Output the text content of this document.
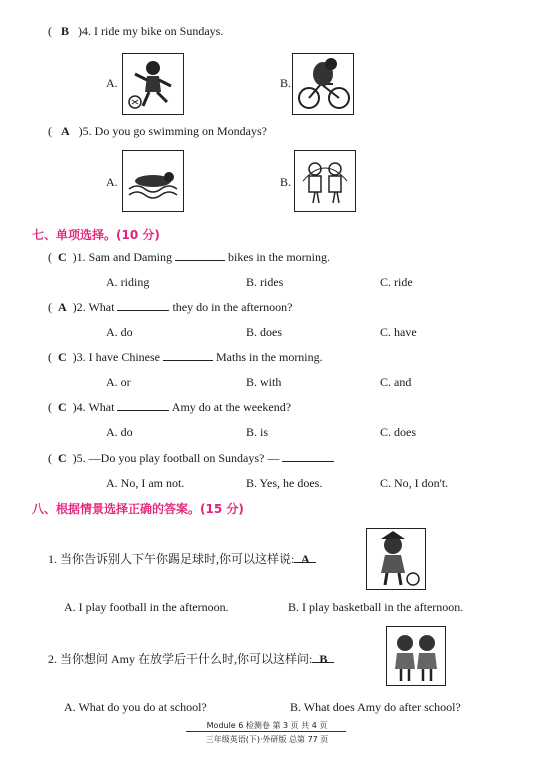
( B )4. I ride my bike on Sundays.
A.	B.
( A )5. Do you go swimming on Mondays?
A.	B.
七、单项选择。(10 分)
( C )1. Sam and Daming	bikes in the morning.
A. riding	B. rides	C. ride
( A )2. What	they do in the afternoon?
A. do	B. does	C. have
( C )3. I have Chinese	Maths in the morning.
A. or	B. with	C. and
( C )4. What	Amy do at the weekend?
A. do	B. is	C. does
( C )5. —Do you play football on Sundays? —
A. No, I am not.	B. Yes, he does.	C. No, I don't.
八、根据情景选择正确的答案。(15 分)
1. 当你告诉别人下午你踢足球时,你可以这样说: A
A. I play football in the afternoon.	B. I play basketball in the afternoon.
2. 当你想问 Amy 在放学后干什么时,你可以这样问: B
A. What do you do at school?	B. What does Amy do after school?
Module 6 检测卷 第 3 页 共 4 页
三年级英语(下)·外研版 总第 77 页
